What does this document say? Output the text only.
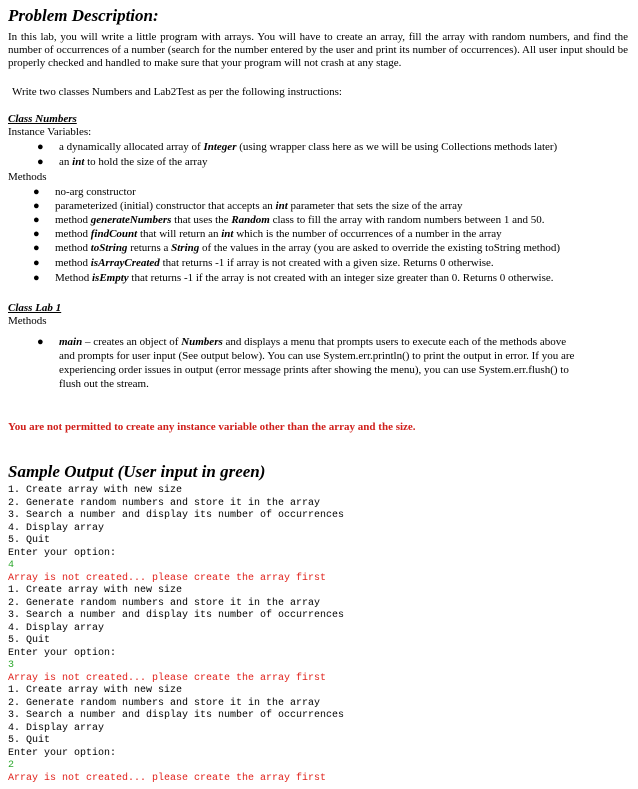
Problem Description:
In this lab, you will write a little program with arrays. You will have to create an array, fill the array with random numbers, and find the number of occurrences of a number (search for the number entered by the user and print its number of occurrences). All user input should be properly checked and handled to make sure that your program will not crash at any stage.
Write two classes Numbers and Lab2Test as per the following instructions:
Class Numbers
Instance Variables:
● a dynamically allocated array of Integer (using wrapper class here as we will be using Collections methods later)
● an int to hold the size of the array
Methods
● no-arg constructor
● parameterized (initial) constructor that accepts an int parameter that sets the size of the array
● method generateNumbers that uses the Random class to fill the array with random numbers between 1 and 50.
● method findCount that will return an int which is the number of occurrences of a number in the array
● method toString returns a String of the values in the array (you are asked to override the existing toString method)
● method isArrayCreated that returns -1 if array is not created with a given size. Returns 0 otherwise.
● Method isEmpty that returns -1 if the array is not created with an integer size greater than 0. Returns 0 otherwise.
Class Lab 1
Methods
● main – creates an object of Numbers and displays a menu that prompts users to execute each of the methods above
and prompts for user input (See output below). You can use System.err.println() to print the output in error. If you are
experiencing order issues in output (error message prints after showing the menu), you can use System.err.flush() to
flush out the stream.
You are not permitted to create any instance variable other than the array and the size.
Sample Output (User input in green)
1. Create array with new size
2. Generate random numbers and store it in the array
3. Search a number and display its number of occurrences
4. Display array
5. Quit
Enter your option:
4
Array is not created... please create the array first
1. Create array with new size
2. Generate random numbers and store it in the array
3. Search a number and display its number of occurrences
4. Display array
5. Quit
Enter your option:
3
Array is not created... please create the array first
1. Create array with new size
2. Generate random numbers and store it in the array
3. Search a number and display its number of occurrences
4. Display array
5. Quit
Enter your option:
2
Array is not created... please create the array first
